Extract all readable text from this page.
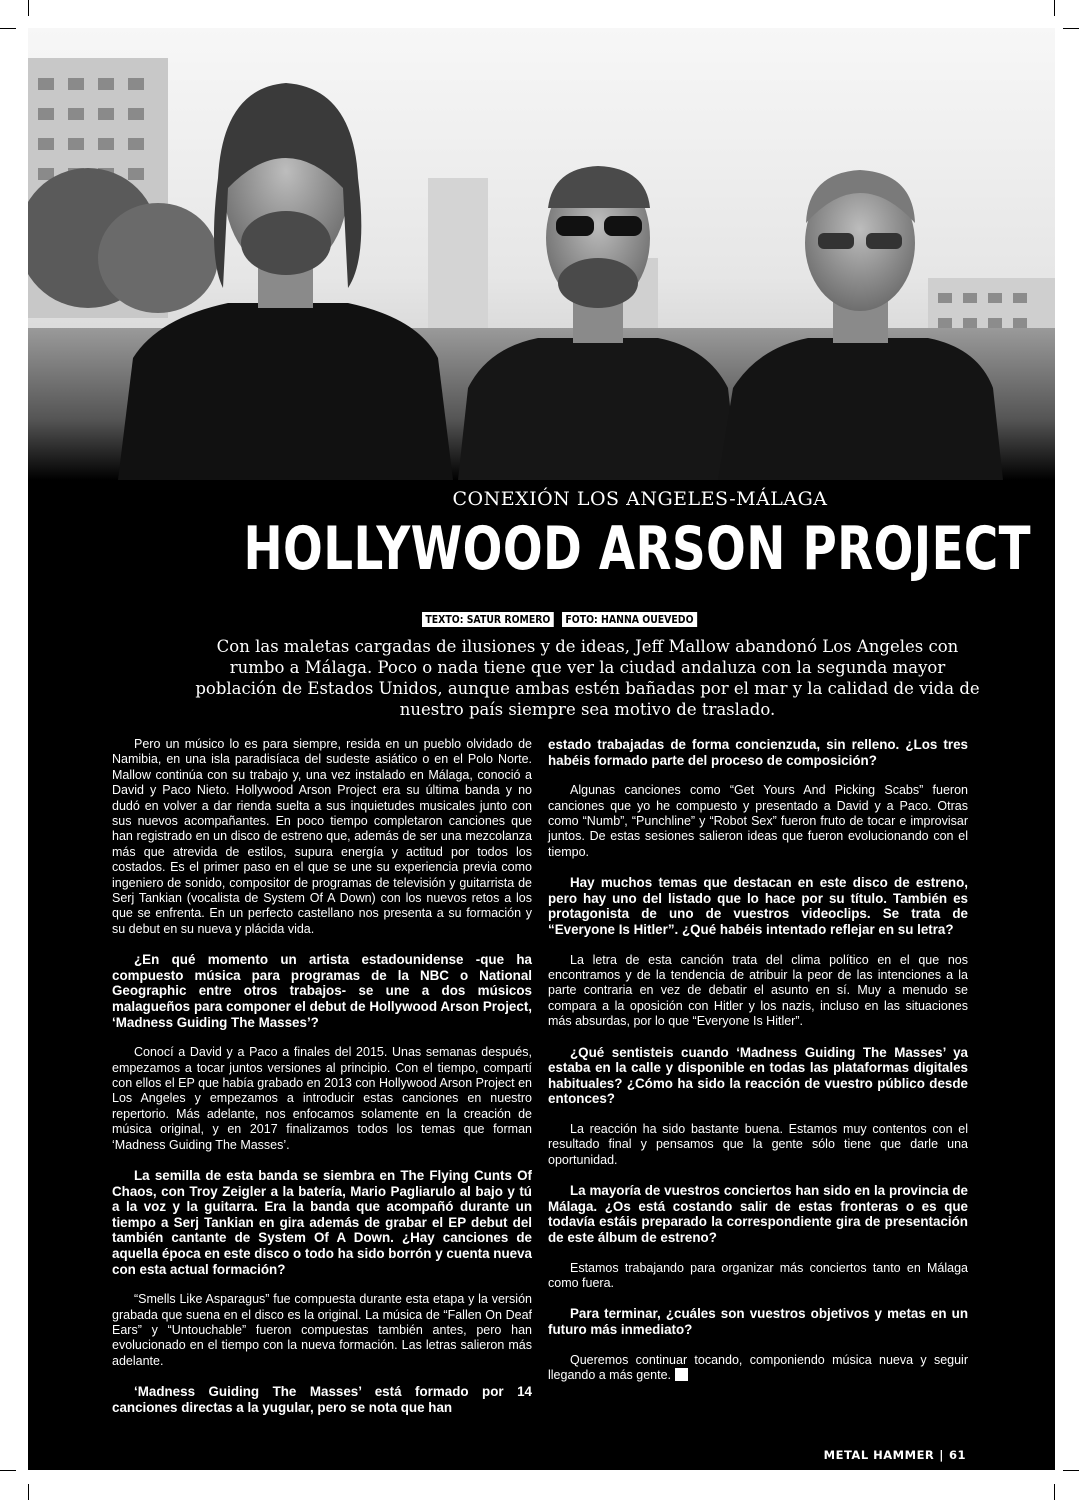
CONEXIÓN LOS ANGELES-MÁLAGA
HOLLYWOOD ARSON PROJECT
TEXTO: SATUR ROMERO	FOTO: HANNA OUEVEDO
Con las maletas cargadas de ilusiones y de ideas, Jeff Mallow abandonó Los Angeles con rumbo a Málaga. Poco o nada tiene que ver la ciudad andaluza con la segunda mayor población de Estados Unidos, aunque ambas estén bañadas por el mar y la calidad de vida de nuestro país siempre sea motivo de traslado.

Pero un músico lo es para siempre, resida en un pueblo olvidado de Namibia, en una isla paradisíaca del sudeste asiático o en el Polo Norte. Mallow continúa con su trabajo y, una vez instalado en Málaga, conoció a David y Paco Nieto. Hollywood Arson Project era su última banda y no dudó en volver a dar rienda suelta a sus inquietudes musicales junto con sus nuevos acompañantes. En poco tiempo completaron canciones que han registrado en un disco de estreno que, además de ser una mezcolanza más que atrevida de estilos, supura energía y actitud por todos los costados. Es el primer paso en el que se une su experiencia previa como ingeniero de sonido, compositor de programas de televisión y guitarrista de Serj Tankian (vocalista de System Of A Down) con los nuevos retos a los que se enfrenta. En un perfecto castellano nos presenta a su formación y su debut en su nueva y plácida vida.

¿En qué momento un artista estadounidense -que ha compuesto música para programas de la NBC o National Geographic entre otros trabajos- se une a dos músicos malagueños para componer el debut de Hollywood Arson Project, ‘Madness Guiding The Masses’?

Conocí a David y a Paco a finales del 2015. Unas semanas después, empezamos a tocar juntos versiones al principio. Con el tiempo, compartí con ellos el EP que había grabado en 2013 con Hollywood Arson Project en Los Angeles y empezamos a introducir estas canciones en nuestro repertorio. Más adelante, nos enfocamos solamente en la creación de música original, y en 2017 finalizamos todos los temas que forman ‘Madness Guiding The Masses’.

La semilla de esta banda se siembra en The Flying Cunts Of Chaos, con Troy Zeigler a la batería, Mario Pagliarulo al bajo y tú a la voz y la guitarra. Era la banda que acompañó durante un tiempo a Serj Tankian en gira además de grabar el EP debut del también cantante de System Of A Down. ¿Hay canciones de aquella época en este disco o todo ha sido borrón y cuenta nueva con esta actual formación?

“Smells Like Asparagus” fue compuesta durante esta etapa y la versión grabada que suena en el disco es la original. La música de “Fallen On Deaf Ears” y “Untouchable” fueron compuestas también antes, pero han evolucionado en el tiempo con la nueva formación. Las letras salieron más adelante.

‘Madness Guiding The Masses’ está formado por 14 canciones directas a la yugular, pero se nota que han

estado trabajadas de forma concienzuda, sin relleno. ¿Los tres habéis formado parte del proceso de composición?

Algunas canciones como “Get Yours And Picking Scabs” fueron canciones que yo he compuesto y presentado a David y a Paco. Otras como “Numb”, “Punchline” y “Robot Sex” fueron fruto de tocar e improvisar juntos. De estas sesiones salieron ideas que fueron evolucionando con el tiempo.

Hay muchos temas que destacan en este disco de estreno, pero hay uno del listado que lo hace por su título. También es protagonista de uno de vuestros videoclips. Se trata de “Everyone Is Hitler”. ¿Qué habéis intentado reflejar en su letra?

La letra de esta canción trata del clima político en el que nos encontramos y de la tendencia de atribuir la peor de las intenciones a la parte contraria en vez de debatir el asunto en sí. Muy a menudo se compara a la oposición con Hitler y los nazis, incluso en las situaciones más absurdas, por lo que “Everyone Is Hitler”.

¿Qué sentisteis cuando ‘Madness Guiding The Masses’ ya estaba en la calle y disponible en todas las plataformas digitales habituales? ¿Cómo ha sido la reacción de vuestro público desde entonces?

La reacción ha sido bastante buena. Estamos muy contentos con el resultado final y pensamos que la gente sólo tiene que darle una oportunidad.

La mayoría de vuestros conciertos han sido en la provincia de Málaga. ¿Os está costando salir de estas fronteras o es que todavía estáis preparado la correspondiente gira de presentación de este álbum de estreno?

Estamos trabajando para organizar más conciertos tanto en Málaga como fuera.

Para terminar, ¿cuáles son vuestros objetivos y metas en un futuro más inmediato?

Queremos continuar tocando, componiendo música nueva y seguir llegando a más gente.

METAL HAMMER | 61
